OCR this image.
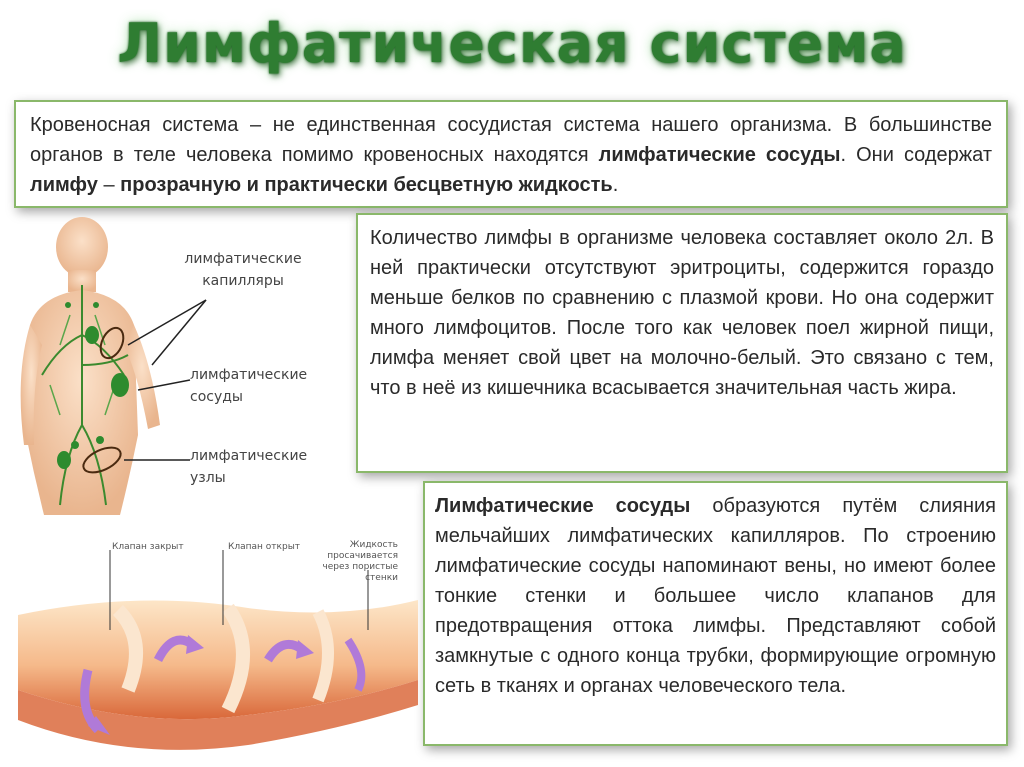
Лимфатическая система
Кровеносная система – не единственная сосудистая система нашего организма. В большинстве органов в теле человека помимо кровеносных находятся лимфатические сосуды. Они содержат лимфу – прозрачную и практически бесцветную жидкость.
Количество лимфы в организме человека составляет около 2л. В ней практически отсутствуют эритроциты, содержится гораздо меньше белков по сравнению с плазмой крови. Но она содержит много лимфоцитов. После того как человек поел жирной пищи, лимфа меняет свой цвет на молочно-белый. Это связано с тем, что в неё из кишечника всасывается значительная часть жира.
Лимфатические сосуды образуются путём слияния мельчайших лимфатических капилляров. По строению лимфатические сосуды напоминают вены, но имеют более тонкие стенки и большее число клапанов для предотвращения оттока лимфы. Представляют собой замкнутые с одного конца трубки, формирующие огромную сеть в тканях и органах человеческого тела.
лимфатические
капилляры
лимфатические
сосуды
лимфатические
узлы
Клапан закрыт	Клапан открыт	Жидкость
просачивается
через пористые
стенки
